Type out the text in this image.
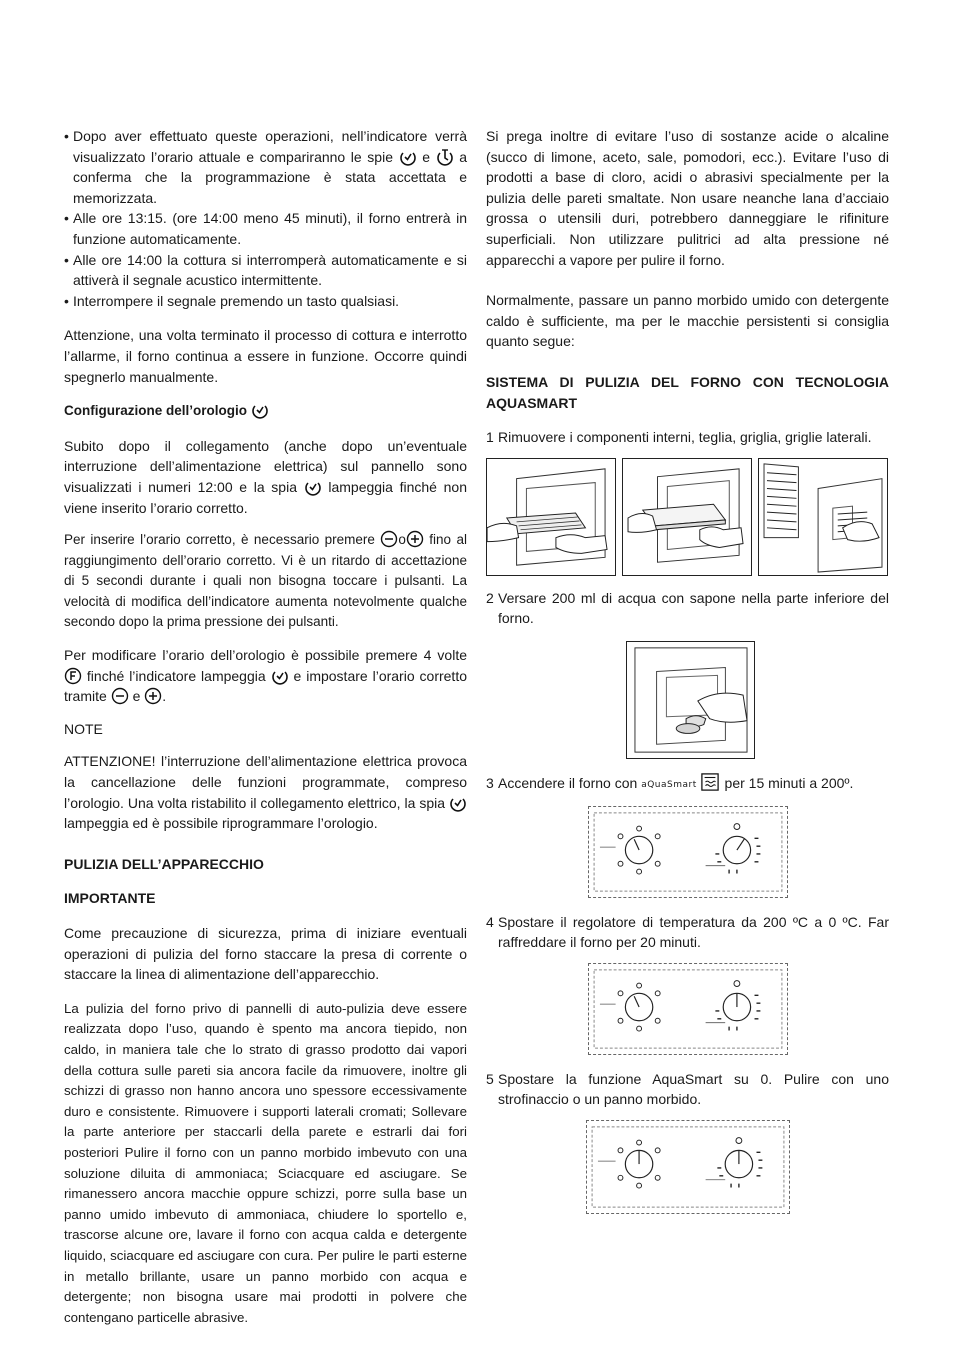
• Dopo aver effettuato queste operazioni, nell’indicatore verrà visualizzato l’orario attuale e compariranno le spie e a conferma che la programmazione è stata accettata e memorizzata.
• Alle ore 13:15. (ore 14:00 meno 45 minuti), il forno entrerà in funzione automaticamente.
• Alle ore 14:00 la cottura si interromperà automaticamente e si attiverà il segnale acustico intermittente.
• Interrompere il segnale premendo un tasto qualsiasi.

Attenzione, una volta terminato il processo di cottura e interrotto l’allarme, il forno continua a essere in funzione. Occorre quindi spegnerlo manualmente.

Configurazione dell’orologio

Subito dopo il collegamento (anche dopo un’eventuale interruzione dell’alimentazione elettrica) sul pannello sono visualizzati i numeri 12:00 e la spia lampeggia finché non viene inserito l’orario corretto.

Per inserire l’orario corretto, è necessario premere o fino al raggiungimento dell’orario corretto. Vi è un ritardo di accettazione di 5 secondi durante i quali non bisogna toccare i pulsanti. La velocità di modifica dell’indicatore aumenta notevolmente qualche secondo dopo la prima pressione dei pulsanti.

Per modificare l’orario dell’orologio è possibile premere 4 volte
finché l’indicatore lampeggia e impostare l’orario corretto tramite e .

NOTE

ATTENZIONE! l’interruzione dell’alimentazione elettrica provoca la cancellazione delle funzioni programmate, compreso l’orologio. Una volta ristabilito il collegamento elettrico, la spia
lampeggia ed è possibile riprogrammare l’orologio.

PULIZIA DELL’APPARECCHIO

IMPORTANTE

Come precauzione di sicurezza, prima di iniziare eventuali operazioni di pulizia del forno staccare la presa di corrente o staccare la linea di alimentazione dell’apparecchio.

La pulizia del forno privo di pannelli di auto-pulizia deve essere realizzata dopo l’uso, quando è spento ma ancora tiepido, non caldo, in maniera tale che lo strato di grasso prodotto dai vapori della cottura sulle pareti sia ancora facile da rimuovere, inoltre gli schizzi di grasso non hanno ancora uno spessore eccessivamente duro e consistente. Rimuovere i supporti laterali cromati; Sollevare la parte anteriore per staccarli della parete e estrarli dai fori posteriori Pulire il forno con un panno morbido imbevuto con una soluzione diluita di ammoniaca; Sciacquare ed asciugare. Se rimanessero ancora macchie oppure schizzi, porre sulla base un panno umido imbevuto di ammoniaca, chiudere lo sportello e, trascorse alcune ore, lavare il forno con acqua calda e detergente liquido, sciacquare ed asciugare con cura. Per pulire le parti esterne in metallo brillante, usare un panno morbido con acqua e detergente; non bisogna usare mai prodotti in polvere che contengano particelle abrasive.

Si prega inoltre di evitare l’uso di sostanze acide o alcaline (succo di limone, aceto, sale, pomodori, ecc.). Evitare l’uso di prodotti a base di cloro, acidi o abrasivi specialmente per la pulizia delle pareti smaltate. Non usare neanche lana d’acciaio grossa o utensili duri, potrebbero danneggiare le rifiniture superficiali. Non utilizzare pulitrici ad alta pressione né apparecchi a vapore per pulire il forno.

Normalmente, passare un panno morbido umido con detergente caldo è sufficiente, ma per le macchie persistenti si consiglia quanto segue:

SISTEMA DI PULIZIA DEL FORNO CON TECNOLOGIA AQUASMART

1 Rimuovere i componenti interni, teglia, griglia, griglie laterali.
2 Versare 200 ml di acqua con sapone nella parte inferiore del forno.
3 Accendere il forno con aQuaSmart per 15 minuti a 200º.
4 Spostare il regolatore di temperatura da 200 ºC a 0 ºC. Far raffreddare il forno per 20 minuti.
5 Spostare la funzione AquaSmart su 0. Pulire con uno strofinaccio o un panno morbido.
